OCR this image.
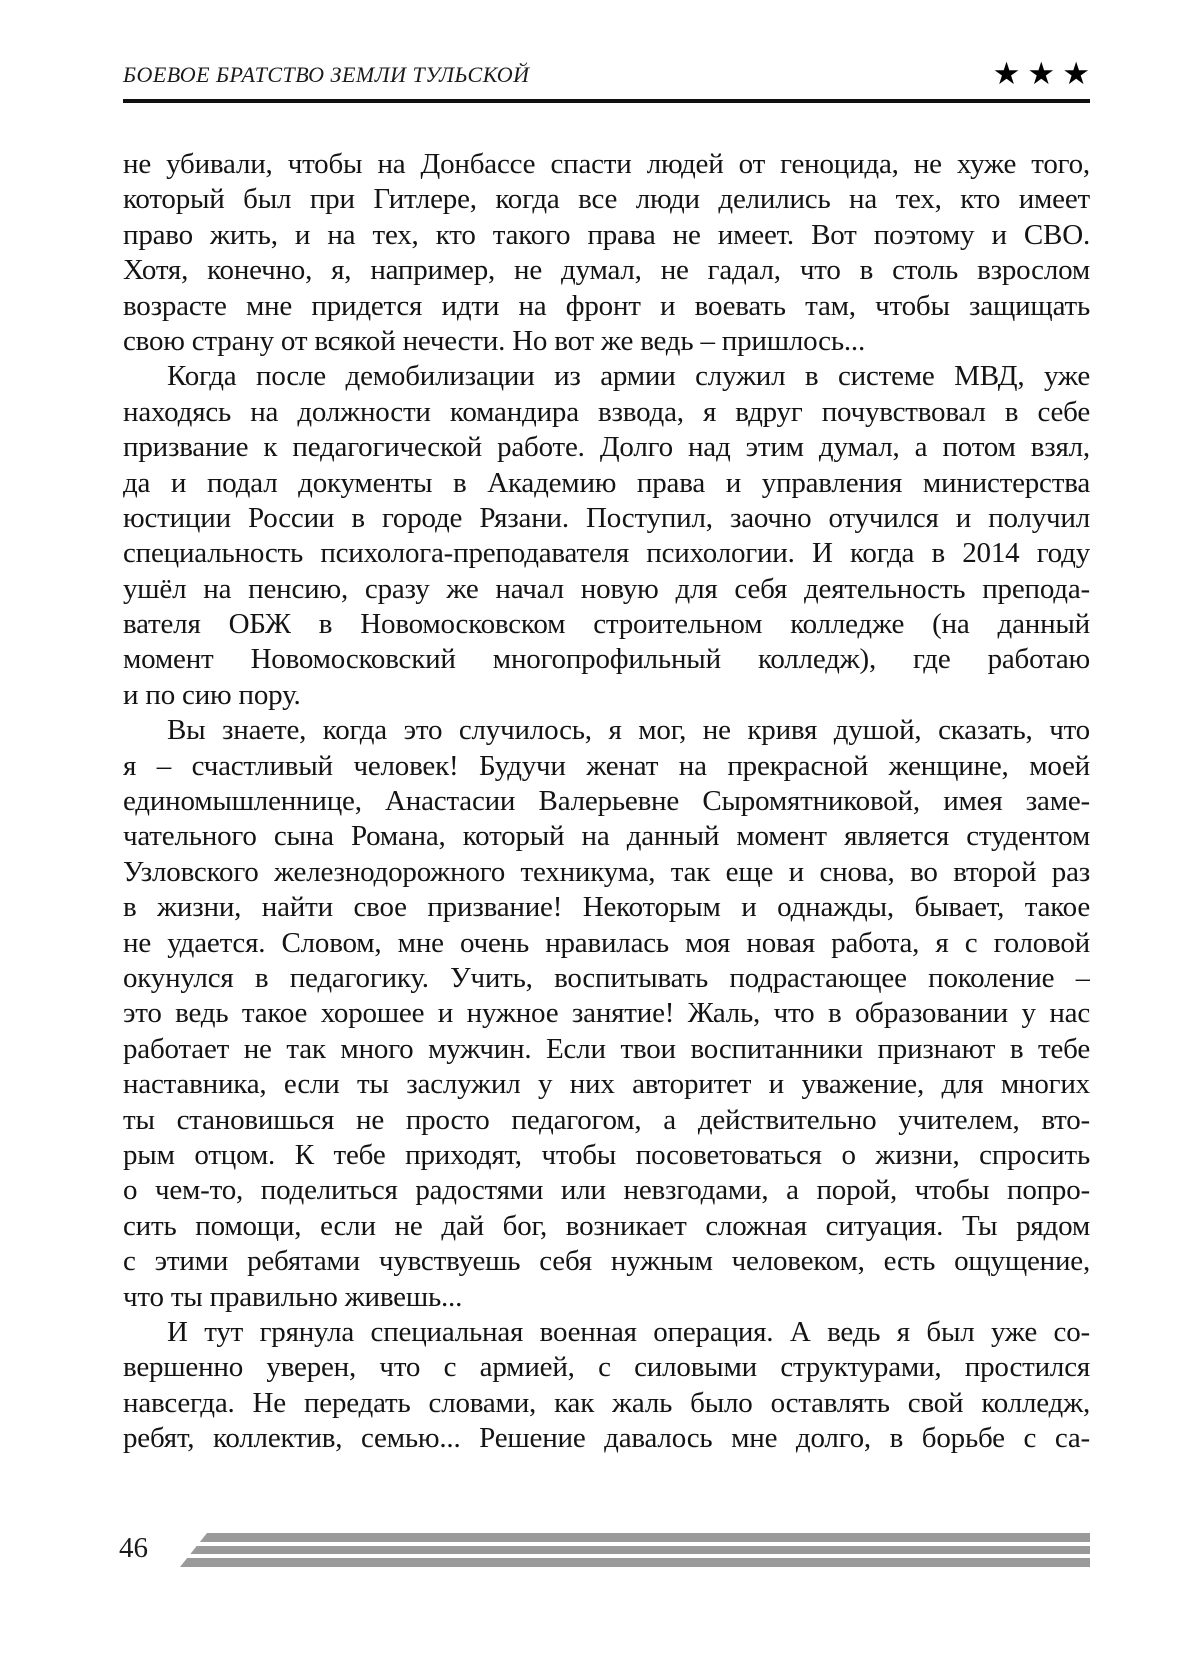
БОЕВОЕ БРАТСТВО ЗЕМЛИ ТУЛЬСКОЙ	★★★
не убивали, чтобы на Донбассе спасти людей от геноцида, не хуже того,
который был при Гитлере, когда все люди делились на тех, кто имеет
право жить, и на тех, кто такого права не имеет. Вот поэтому и СВО.
Хотя, конечно, я, например, не думал, не гадал, что в столь взрослом
возрасте мне придется идти на фронт и воевать там, чтобы защищать
свою страну от всякой нечести. Но вот же ведь – пришлось...
Когда после демобилизации из армии служил в системе МВД, уже
находясь на должности командира взвода, я вдруг почувствовал в себе
призвание к педагогической работе. Долго над этим думал, а потом взял,
да и подал документы в Академию права и управления министерства
юстиции России в городе Рязани. Поступил, заочно отучился и получил
специальность психолога-преподавателя психологии. И когда в 2014 году
ушёл на пенсию, сразу же начал новую для себя деятельность препода-
вателя ОБЖ в Новомосковском строительном колледже (на данный
момент Новомосковский многопрофильный колледж), где работаю
и по сию пору.
Вы знаете, когда это случилось, я мог, не кривя душой, сказать, что
я – счастливый человек! Будучи женат на прекрасной женщине, моей
единомышленнице, Анастасии Валерьевне Сыромятниковой, имея заме-
чательного сына Романа, который на данный момент является студентом
Узловского железнодорожного техникума, так еще и снова, во второй раз
в жизни, найти свое призвание! Некоторым и однажды, бывает, такое
не удается. Словом, мне очень нравилась моя новая работа, я с головой
окунулся в педагогику. Учить, воспитывать подрастающее поколение –
это ведь такое хорошее и нужное занятие! Жаль, что в образовании у нас
работает не так много мужчин. Если твои воспитанники признают в тебе
наставника, если ты заслужил у них авторитет и уважение, для многих
ты становишься не просто педагогом, а действительно учителем, вто-
рым отцом. К тебе приходят, чтобы посоветоваться о жизни, спросить
о чем-то, поделиться радостями или невзгодами, а порой, чтобы попро-
сить помощи, если не дай бог, возникает сложная ситуация. Ты рядом
с этими ребятами чувствуешь себя нужным человеком, есть ощущение,
что ты правильно живешь...
И тут грянула специальная военная операция. А ведь я был уже со-
вершенно уверен, что с армией, с силовыми структурами, простился
навсегда. Не передать словами, как жаль было оставлять свой колледж,
ребят, коллектив, семью... Решение давалось мне долго, в борьбе с са-
46
